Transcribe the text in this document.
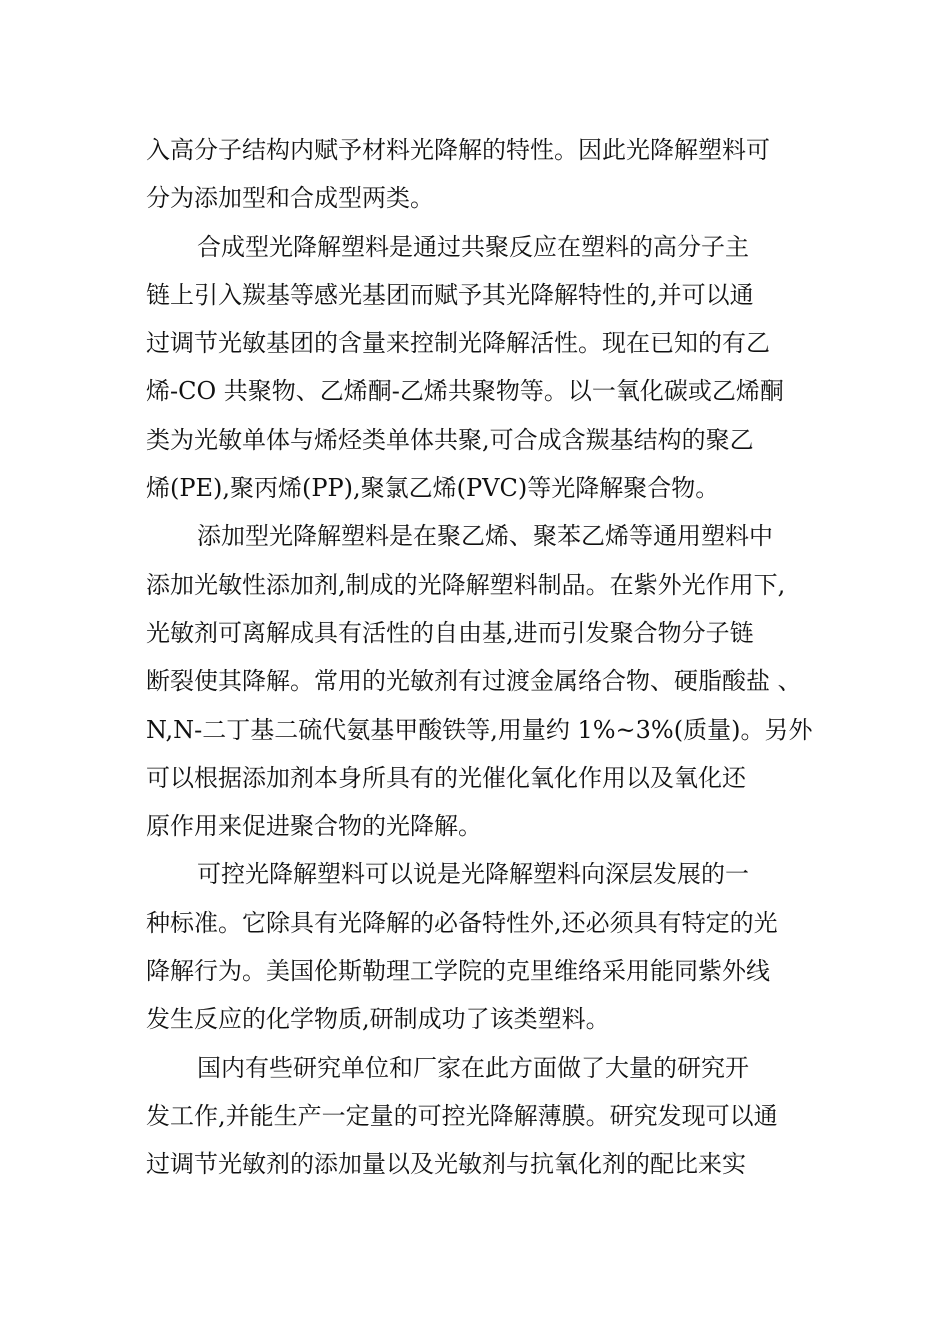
入高分子结构内赋予材料光降解的特性。因此光降解塑料可
分为添加型和合成型两类。
合成型光降解塑料是通过共聚反应在塑料的高分子主
链上引入羰基等感光基团而赋予其光降解特性的,并可以通
过调节光敏基团的含量来控制光降解活性。现在已知的有乙
烯-CO 共聚物、乙烯酮-乙烯共聚物等。以一氧化碳或乙烯酮
类为光敏单体与烯烃类单体共聚,可合成含羰基结构的聚乙
烯(PE),聚丙烯(PP),聚氯乙烯(PVC)等光降解聚合物。
添加型光降解塑料是在聚乙烯、聚苯乙烯等通用塑料中
添加光敏性添加剂,制成的光降解塑料制品。在紫外光作用下,
光敏剂可离解成具有活性的自由基,进而引发聚合物分子链
断裂使其降解。常用的光敏剂有过渡金属络合物、硬脂酸盐 、
N,N-二丁基二硫代氨基甲酸铁等,用量约 1%~3%(质量)。另外
可以根据添加剂本身所具有的光催化氧化作用以及氧化还
原作用来促进聚合物的光降解。
可控光降解塑料可以说是光降解塑料向深层发展的一
种标准。它除具有光降解的必备特性外,还必须具有特定的光
降解行为。美国伦斯勒理工学院的克里维络采用能同紫外线
发生反应的化学物质,研制成功了该类塑料。
国内有些研究单位和厂家在此方面做了大量的研究开
发工作,并能生产一定量的可控光降解薄膜。研究发现可以通
过调节光敏剂的添加量以及光敏剂与抗氧化剂的配比来实
